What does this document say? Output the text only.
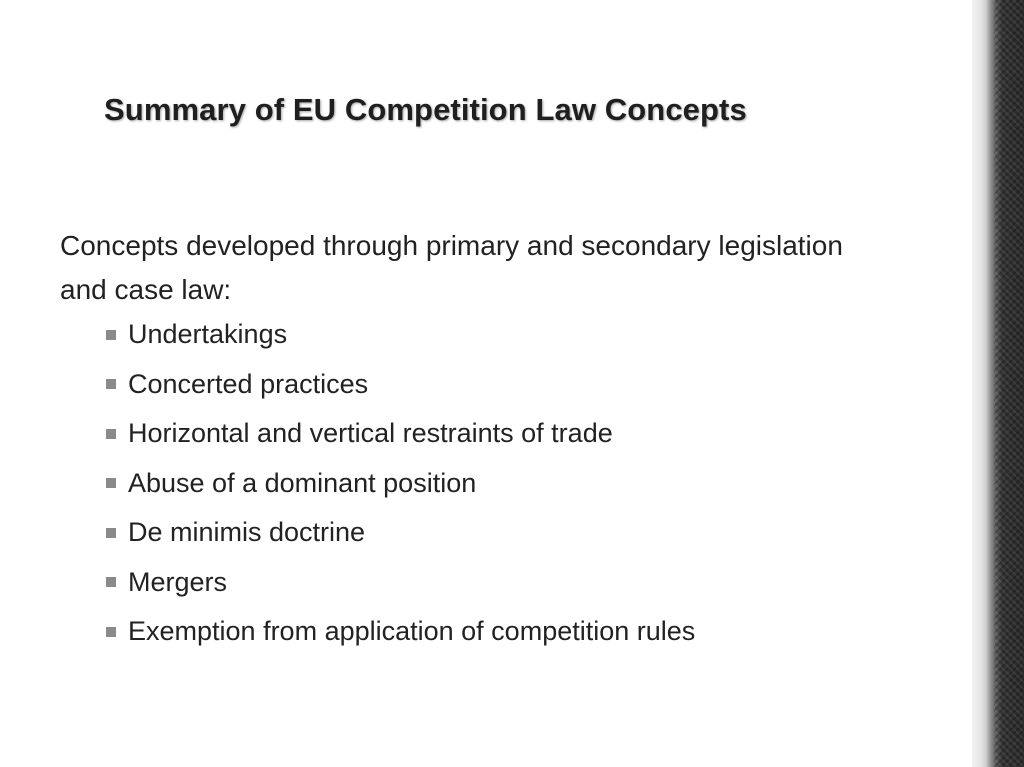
Summary of EU Competition Law Concepts
Concepts developed through primary and secondary legislation and case law:
Undertakings
Concerted practices
Horizontal and vertical restraints of trade
Abuse of a dominant position
De minimis doctrine
Mergers
Exemption from application of competition rules
